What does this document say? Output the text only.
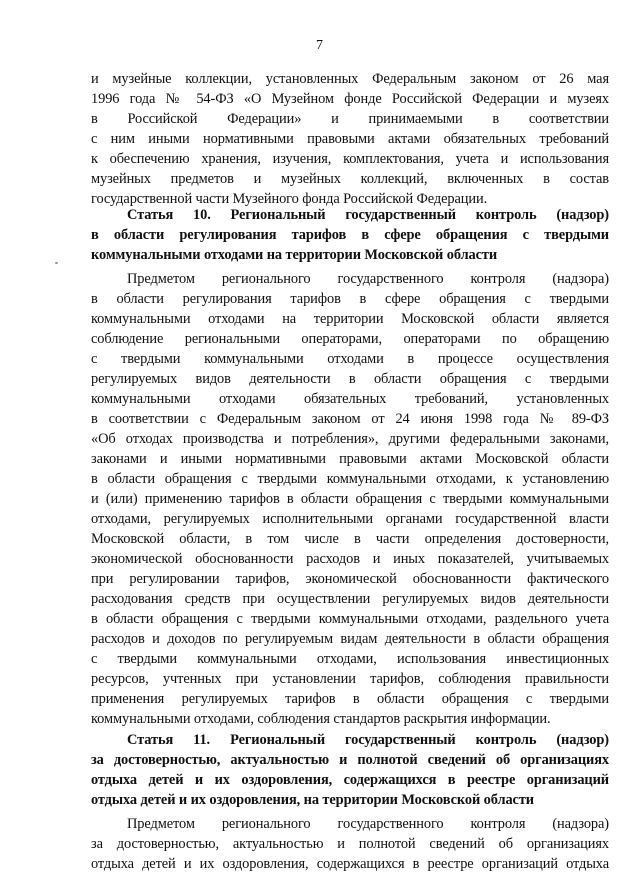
7
и музейные коллекции, установленных Федеральным законом от 26 мая
1996 года № 54-ФЗ «О Музейном фонде Российской Федерации и музеях
в Российской Федерации» и принимаемыми в соответствии
с ним иными нормативными правовыми актами обязательных требований
к обеспечению хранения, изучения, комплектования, учета и использования
музейных предметов и музейных коллекций, включенных в состав
государственной части Музейного фонда Российской Федерации.
Статья 10. Региональный государственный контроль (надзор)
в области регулирования тарифов в сфере обращения с твердыми
коммунальными отходами на территории Московской области
Предметом регионального государственного контроля (надзора)
в области регулирования тарифов в сфере обращения с твердыми
коммунальными отходами на территории Московской области является
соблюдение региональными операторами, операторами по обращению
с твердыми коммунальными отходами в процессе осуществления
регулируемых видов деятельности в области обращения с твердыми
коммунальными отходами обязательных требований, установленных
в соответствии с Федеральным законом от 24 июня 1998 года № 89-ФЗ
«Об отходах производства и потребления», другими федеральными законами,
законами и иными нормативными правовыми актами Московской области
в области обращения с твердыми коммунальными отходами, к установлению
и (или) применению тарифов в области обращения с твердыми коммунальными
отходами, регулируемых исполнительными органами государственной власти
Московской области, в том числе в части определения достоверности,
экономической обоснованности расходов и иных показателей, учитываемых
при регулировании тарифов, экономической обоснованности фактического
расходования средств при осуществлении регулируемых видов деятельности
в области обращения с твердыми коммунальными отходами, раздельного учета
расходов и доходов по регулируемым видам деятельности в области обращения
с твердыми коммунальными отходами, использования инвестиционных
ресурсов, учтенных при установлении тарифов, соблюдения правильности
применения регулируемых тарифов в области обращения с твердыми
коммунальными отходами, соблюдения стандартов раскрытия информации.
Статья 11. Региональный государственный контроль (надзор)
за достоверностью, актуальностью и полнотой сведений об организациях
отдыха детей и их оздоровления, содержащихся в реестре организаций
отдыха детей и их оздоровления, на территории Московской области
Предметом регионального государственного контроля (надзора)
за достоверностью, актуальностью и полнотой сведений об организациях
отдыха детей и их оздоровления, содержащихся в реестре организаций отдыха
